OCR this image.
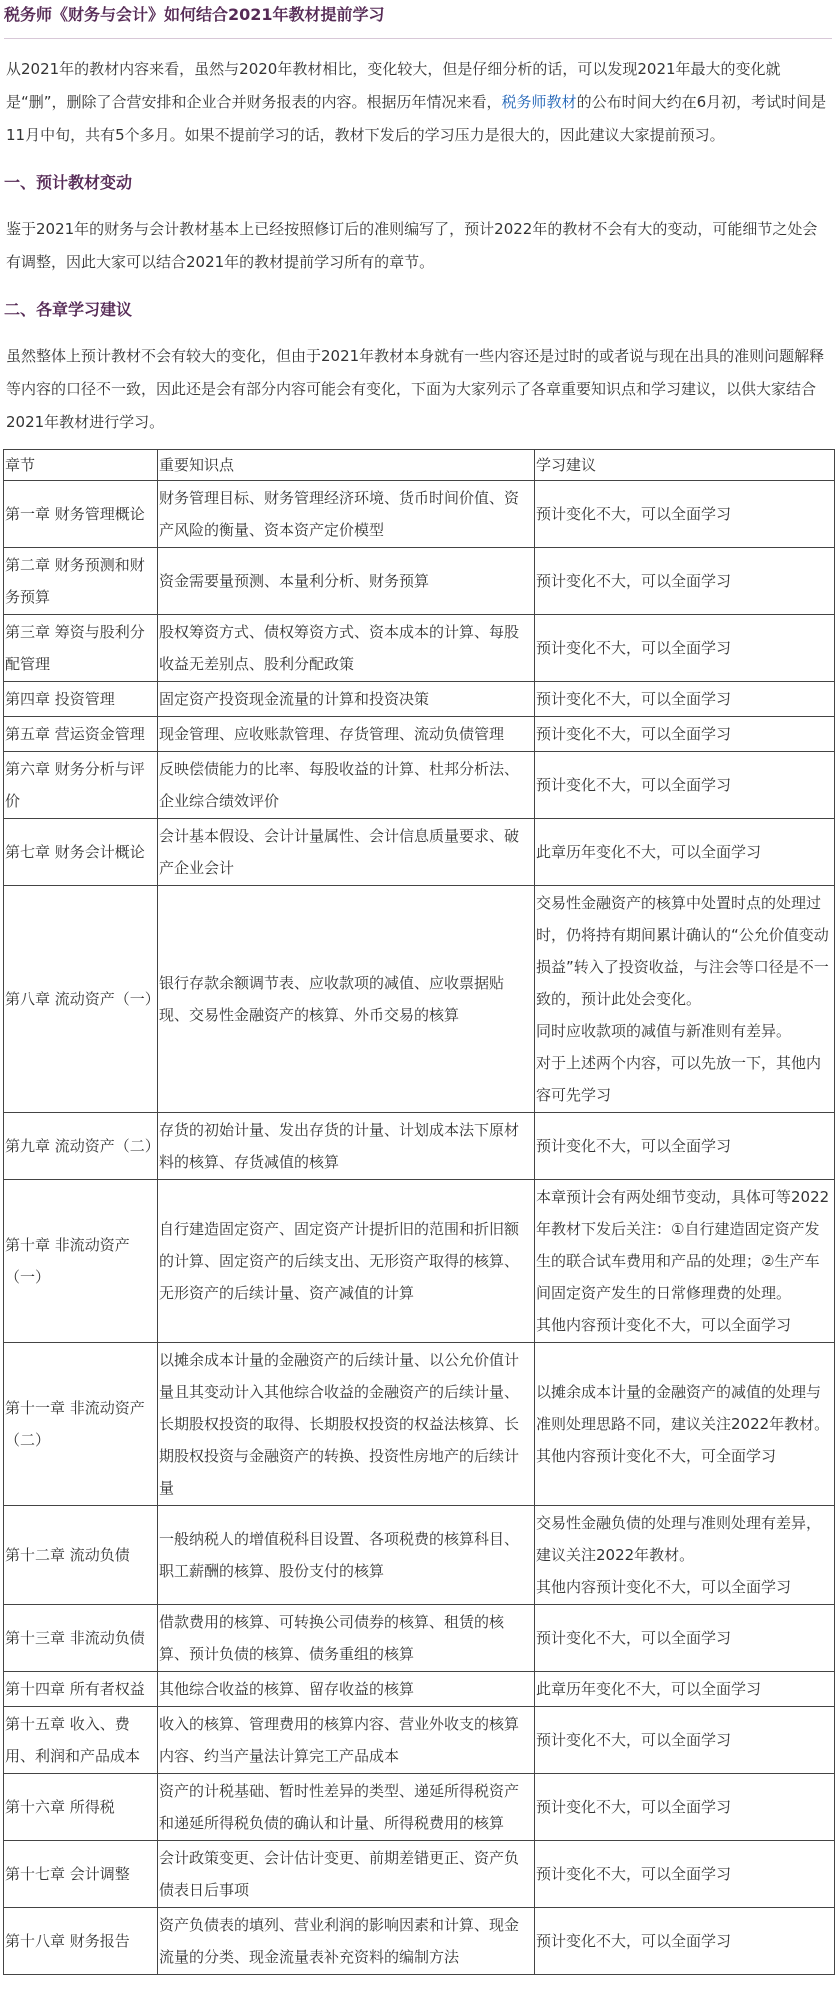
税务师《财务与会计》如何结合2021年教材提前学习

从2021年的教材内容来看，虽然与2020年教材相比，变化较大，但是仔细分析的话，可以发现2021年最大的变化就是“删”，删除了合营安排和企业合并财务报表的内容。根据历年情况来看，税务师教材的公布时间大约在6月初，考试时间是11月中旬，共有5个多月。如果不提前学习的话，教材下发后的学习压力是很大的，因此建议大家提前预习。

一、预计教材变动

鉴于2021年的财务与会计教材基本上已经按照修订后的准则编写了，预计2022年的教材不会有大的变动，可能细节之处会有调整，因此大家可以结合2021年的教材提前学习所有的章节。

二、各章学习建议

虽然整体上预计教材不会有较大的变化，但由于2021年教材本身就有一些内容还是过时的或者说与现在出具的准则问题解释等内容的口径不一致，因此还是会有部分内容可能会有变化，下面为大家列示了各章重要知识点和学习建议，以供大家结合2021年教材进行学习。

章节	重要知识点	学习建议
第一章 财务管理概论	财务管理目标、财务管理经济环境、货币时间价值、资产风险的衡量、资本资产定价模型	预计变化不大，可以全面学习

第二章 财务预测和财务预算	资金需要量预测、本量利分析、财务预算	预计变化不大，可以全面学习

第三章 筹资与股利分配管理	股权筹资方式、债权筹资方式、资本成本的计算、每股收益无差别点、股利分配政策	预计变化不大，可以全面学习

第四章 投资管理	固定资产投资现金流量的计算和投资决策	预计变化不大，可以全面学习

第五章 营运资金管理	现金管理、应收账款管理、存货管理、流动负债管理	预计变化不大，可以全面学习

第六章 财务分析与评价	反映偿债能力的比率、每股收益的计算、杜邦分析法、企业综合绩效评价	预计变化不大，可以全面学习

第七章 财务会计概论	会计基本假设、会计计量属性、会计信息质量要求、破产企业会计	此章历年变化不大，可以全面学习

第八章 流动资产（一）	银行存款余额调节表、应收款项的减值、应收票据贴现、交易性金融资产的核算、外币交易的核算	交易性金融资产的核算中处置时点的处理过时，仍将持有期间累计确认的“公允价值变动损益”转入了投资收益，与注会等口径是不一致的，预计此处会变化。
同时应收款项的减值与新准则有差异。
对于上述两个内容，可以先放一下，其他内容可先学习

第九章 流动资产（二）	存货的初始计量、发出存货的计量、计划成本法下原材料的核算、存货减值的核算	预计变化不大，可以全面学习

第十章 非流动资产（一）	自行建造固定资产、固定资产计提折旧的范围和折旧额的计算、固定资产的后续支出、无形资产取得的核算、无形资产的后续计量、资产减值的计算	本章预计会有两处细节变动，具体可等2022年教材下发后关注：①自行建造固定资产发生的联合试车费用和产品的处理；②生产车间固定资产发生的日常修理费的处理。
其他内容预计变化不大，可以全面学习

第十一章 非流动资产（二）	以摊余成本计量的金融资产的后续计量、以公允价值计量且其变动计入其他综合收益的金融资产的后续计量、长期股权投资的取得、长期股权投资的权益法核算、长期股权投资与金融资产的转换、投资性房地产的后续计量	以摊余成本计量的金融资产的减值的处理与准则处理思路不同，建议关注2022年教材。
其他内容预计变化不大，可全面学习

第十二章 流动负债	一般纳税人的增值税科目设置、各项税费的核算科目、职工薪酬的核算、股份支付的核算	交易性金融负债的处理与准则处理有差异，建议关注2022年教材。
其他内容预计变化不大，可以全面学习

第十三章 非流动负债	借款费用的核算、可转换公司债券的核算、租赁的核算、预计负债的核算、债务重组的核算	预计变化不大，可以全面学习

第十四章 所有者权益	其他综合收益的核算、留存收益的核算	此章历年变化不大，可以全面学习

第十五章 收入、费用、利润和产品成本	收入的核算、管理费用的核算内容、营业外收支的核算内容、约当产量法计算完工产品成本	预计变化不大，可以全面学习

第十六章 所得税	资产的计税基础、暂时性差异的类型、递延所得税资产和递延所得税负债的确认和计量、所得税费用的核算	预计变化不大，可以全面学习

第十七章 会计调整	会计政策变更、会计估计变更、前期差错更正、资产负债表日后事项	预计变化不大，可以全面学习

第十八章 财务报告	资产负债表的填列、营业利润的影响因素和计算、现金流量的分类、现金流量表补充资料的编制方法	预计变化不大，可以全面学习
